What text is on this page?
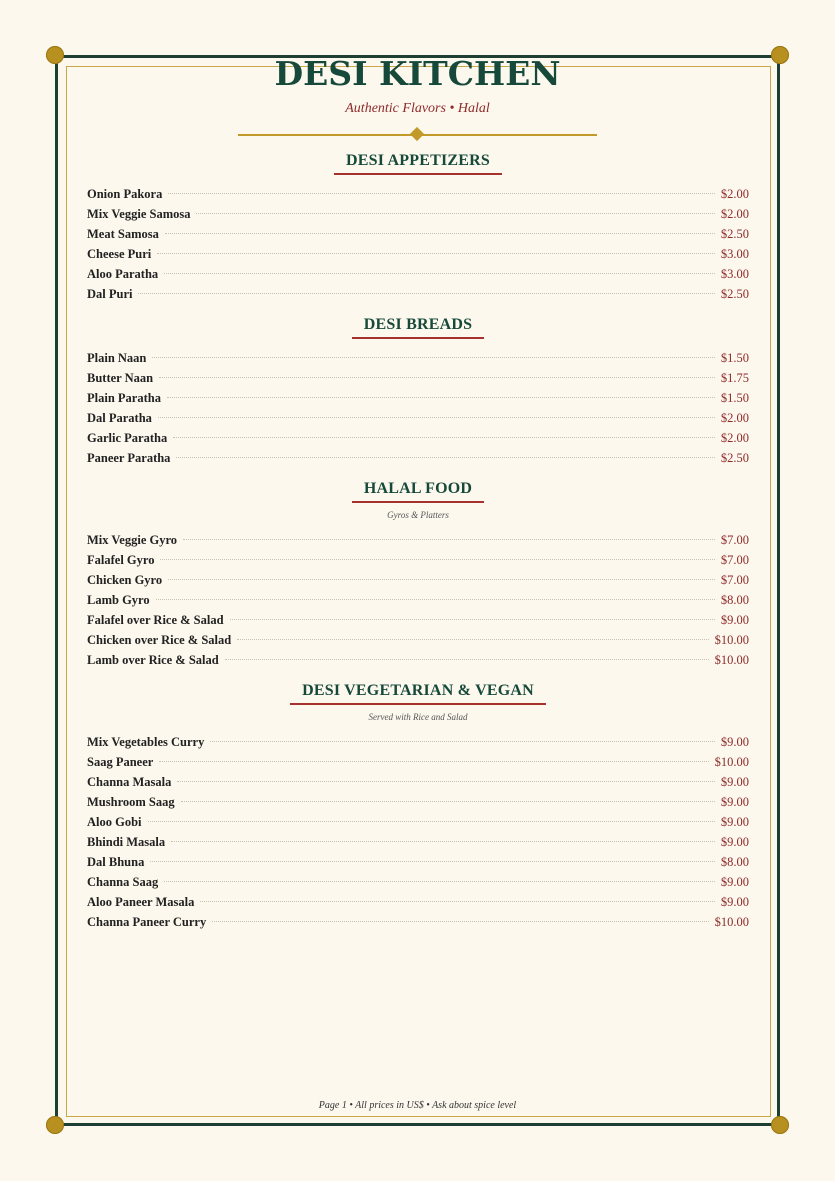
DESI KITCHEN
Authentic Flavors • Halal
DESI APPETIZERS
Onion Pakora	$2.00
Mix Veggie Samosa	$2.00
Meat Samosa	$2.50
Cheese Puri	$3.00
Aloo Paratha	$3.00
Dal Puri	$2.50
DESI BREADS
Plain Naan	$1.50
Butter Naan	$1.75
Plain Paratha	$1.50
Dal Paratha	$2.00
Garlic Paratha	$2.00
Paneer Paratha	$2.50
HALAL FOOD
Gyros & Platters
Mix Veggie Gyro	$7.00
Falafel Gyro	$7.00
Chicken Gyro	$7.00
Lamb Gyro	$8.00
Falafel over Rice & Salad	$9.00
Chicken over Rice & Salad	$10.00
Lamb over Rice & Salad	$10.00
DESI VEGETARIAN & VEGAN
Served with Rice and Salad
Mix Vegetables Curry	$9.00
Saag Paneer	$10.00
Channa Masala	$9.00
Mushroom Saag	$9.00
Aloo Gobi	$9.00
Bhindi Masala	$9.00
Dal Bhuna	$8.00
Channa Saag	$9.00
Aloo Paneer Masala	$9.00
Channa Paneer Curry	$10.00
Page 1 • All prices in US$ • Ask about spice level
